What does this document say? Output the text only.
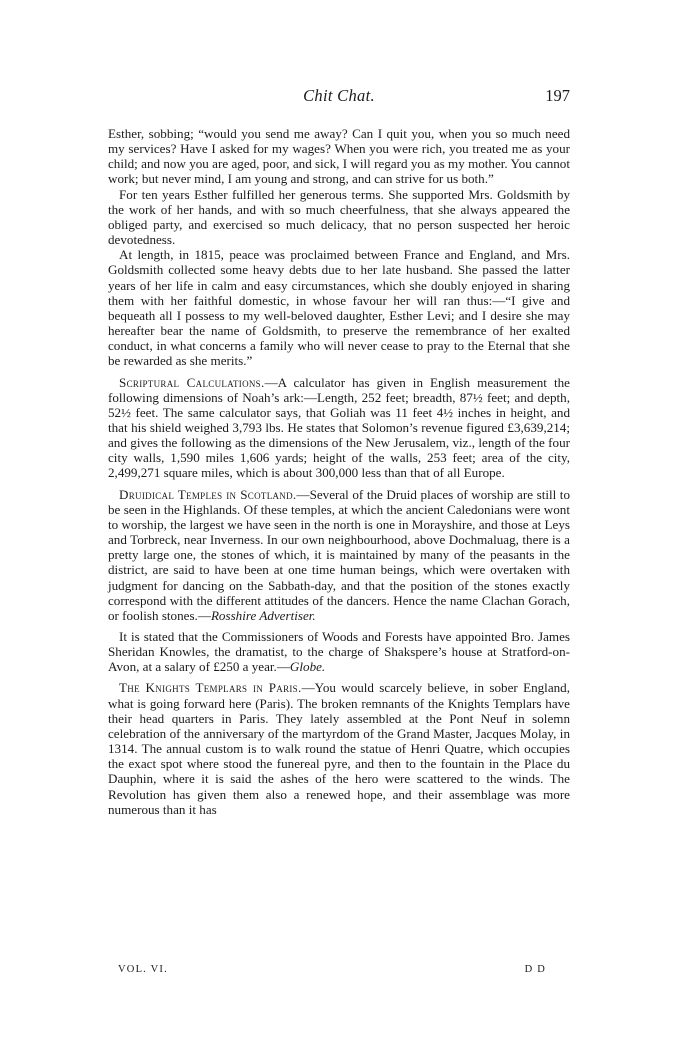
Chit Chat.	197

Esther, sobbing; “would you send me away? Can I quit you, when you so much need my services? Have I asked for my wages? When you were rich, you treated me as your child; and now you are aged, poor, and sick, I will regard you as my mother. You cannot work; but never mind, I am young and strong, and can strive for us both.”

For ten years Esther fulfilled her generous terms. She supported Mrs. Goldsmith by the work of her hands, and with so much cheerfulness, that she always appeared the obliged party, and exercised so much delicacy, that no person suspected her heroic devotedness.

At length, in 1815, peace was proclaimed between France and England, and Mrs. Goldsmith collected some heavy debts due to her late husband. She passed the latter years of her life in calm and easy circumstances, which she doubly enjoyed in sharing them with her faithful domestic, in whose favour her will ran thus:—“I give and bequeath all I possess to my well-beloved daughter, Esther Levi; and I desire she may hereafter bear the name of Goldsmith, to preserve the remembrance of her exalted conduct, in what concerns a family who will never cease to pray to the Eternal that she be rewarded as she merits.”

Scriptural Calculations.—A calculator has given in English measurement the following dimensions of Noah’s ark:—Length, 252 feet; breadth, 87½ feet; and depth, 52½ feet. The same calculator says, that Goliah was 11 feet 4½ inches in height, and that his shield weighed 3,793 lbs. He states that Solomon’s revenue figured £3,639,214; and gives the following as the dimensions of the New Jerusalem, viz., length of the four city walls, 1,590 miles 1,606 yards; height of the walls, 253 feet; area of the city, 2,499,271 square miles, which is about 300,000 less than that of all Europe.

Druidical Temples in Scotland.—Several of the Druid places of worship are still to be seen in the Highlands. Of these temples, at which the ancient Caledonians were wont to worship, the largest we have seen in the north is one in Morayshire, and those at Leys and Torbreck, near Inverness. In our own neighbourhood, above Dochmaluag, there is a pretty large one, the stones of which, it is maintained by many of the peasants in the district, are said to have been at one time human beings, which were overtaken with judgment for dancing on the Sabbath-day, and that the position of the stones exactly correspond with the different attitudes of the dancers. Hence the name Clachan Gorach, or foolish stones.—Rosshire Advertiser.

It is stated that the Commissioners of Woods and Forests have appointed Bro. James Sheridan Knowles, the dramatist, to the charge of Shakspere’s house at Stratford-on-Avon, at a salary of £250 a year.—Globe.

The Knights Templars in Paris.—You would scarcely believe, in sober England, what is going forward here (Paris). The broken remnants of the Knights Templars have their head quarters in Paris. They lately assembled at the Pont Neuf in solemn celebration of the anniversary of the martyrdom of the Grand Master, Jacques Molay, in 1314. The annual custom is to walk round the statue of Henri Quatre, which occupies the exact spot where stood the funereal pyre, and then to the fountain in the Place du Dauphin, where it is said the ashes of the hero were scattered to the winds. The Revolution has given them also a renewed hope, and their assemblage was more numerous than it has

VOL. VI.	D D
